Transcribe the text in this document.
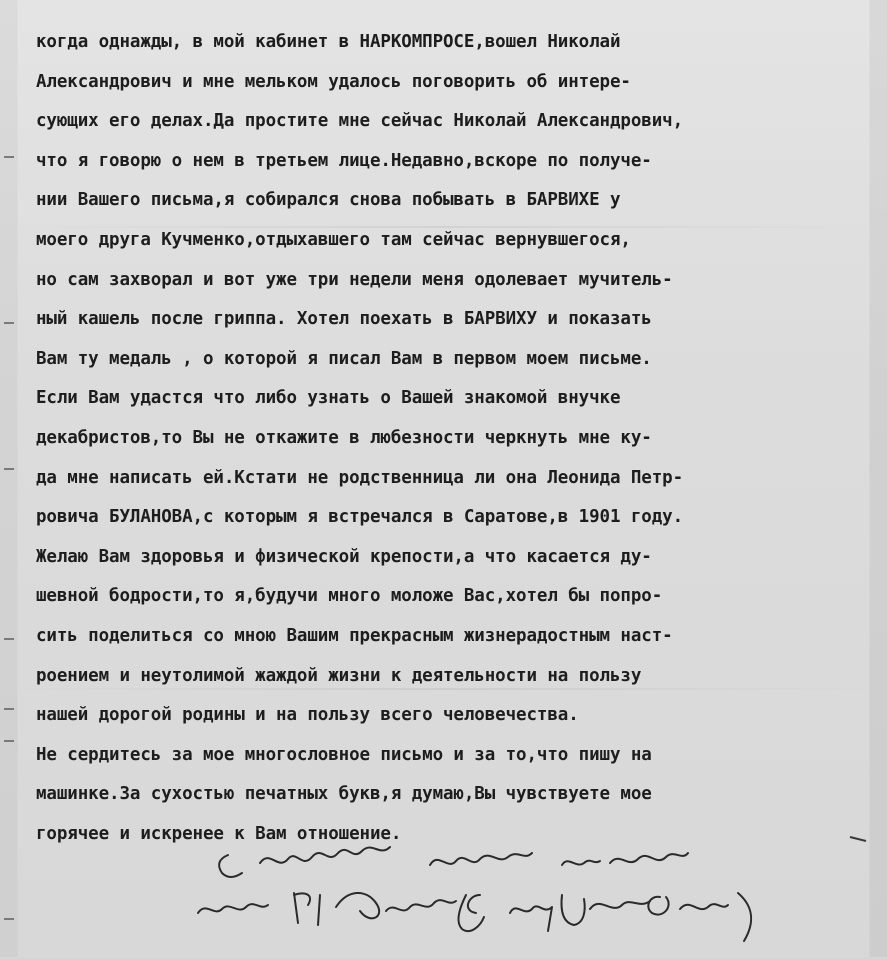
когда однажды, в мой кабинет в НАРКОМПРОСЕ,вошел Николай
Александрович и мне мельком удалось поговорить об интере-
сующих его делах.Да простите мне сейчас Николай Александрович,
что я говорю о нем в третьем лице.Недавно,вскоре по получе-
нии Вашего письма,я собирался снова побывать в БАРВИХЕ у
моего друга Кучменко,отдыхавшего там сейчас вернувшегося,
но сам захворал и вот уже три недели меня одолевает мучитель-
ный кашель после гриппа. Хотел поехать в БАРВИХУ и показать
Вам ту медаль , о которой я писал Вам в первом моем письме.
Если Вам удастся что либо узнать о Вашей знакомой внучке
декабристов,то Вы не откажите в любезности черкнуть мне ку-
да мне написать ей.Кстати не родственница ли она Леонида Петр-
ровича БУЛАНОВА,с которым я встречался в Саратове,в 1901 году.
Желаю Вам здоровья и физической крепости,а что касается ду-
шевной бодрости,то я,будучи много моложе Вас,хотел бы попро-
сить поделиться со мною Вашим прекрасным жизнерадостным наст-
роением и неутолимой жаждой жизни к деятельности на пользу
нашей дорогой родины и на пользу всего человечества.
Не сердитесь за мое многословное письмо и за то,что пишу на
машинке.За сухостью печатных букв,я думаю,Вы чувствуете мое
горячее и искренее к Вам отношение.
